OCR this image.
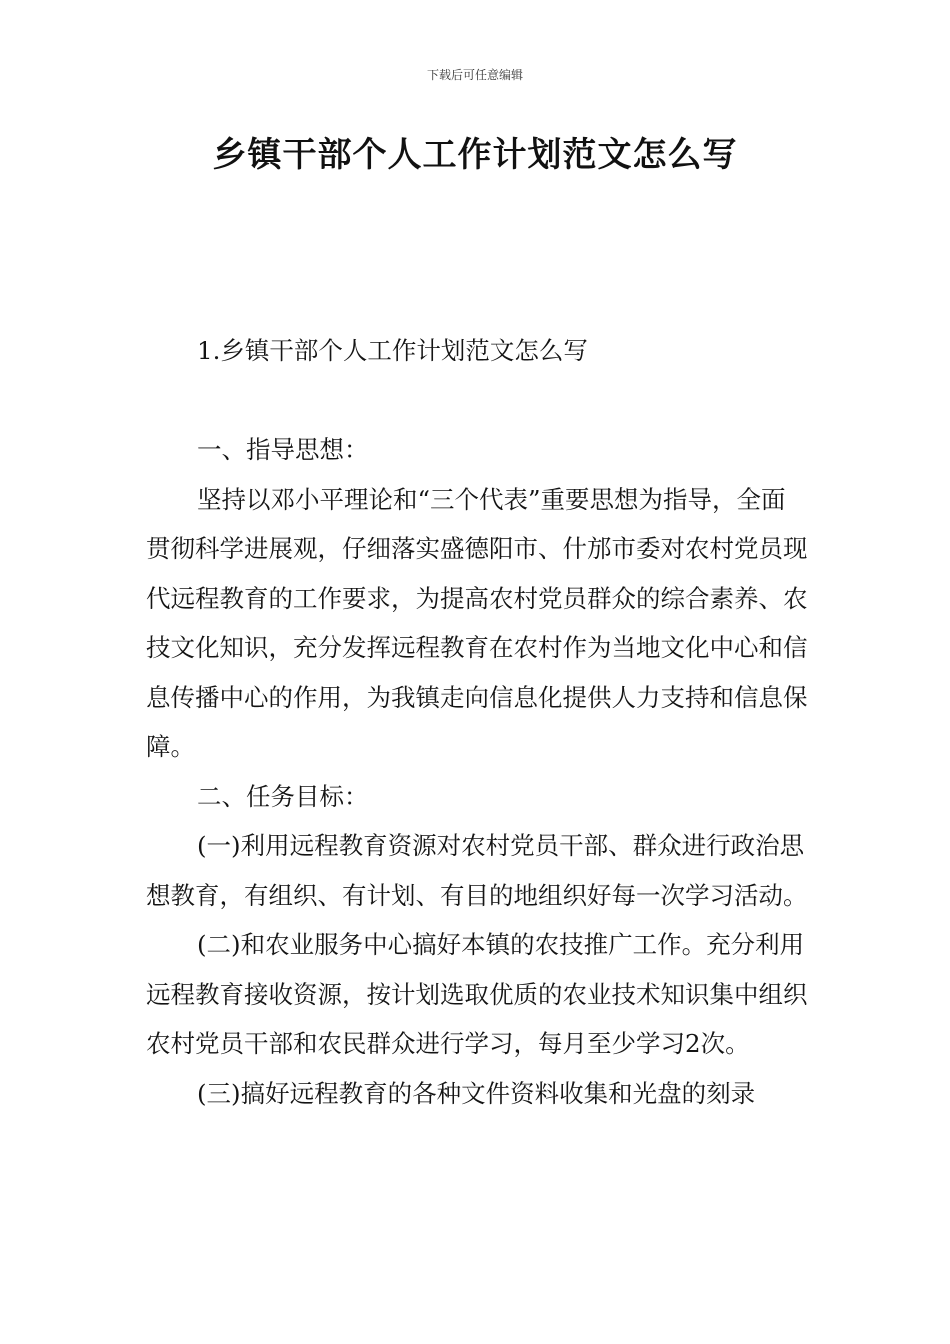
下载后可任意编辑
乡镇干部个人工作计划范文怎么写

1.乡镇干部个人工作计划范文怎么写

一、指导思想：

坚持以邓小平理论和“三个代表”重要思想为指导，全面贯彻科学进展观，仔细落实盛德阳市、什邡市委对农村党员现代远程教育的工作要求，为提高农村党员群众的综合素养、农技文化知识，充分发挥远程教育在农村作为当地文化中心和信息传播中心的作用，为我镇走向信息化提供人力支持和信息保障。

二、任务目标：

(一)利用远程教育资源对农村党员干部、群众进行政治思想教育，有组织、有计划、有目的地组织好每一次学习活动。

(二)和农业服务中心搞好本镇的农技推广工作。充分利用远程教育接收资源，按计划选取优质的农业技术知识集中组织农村党员干部和农民群众进行学习，每月至少学习2次。

(三)搞好远程教育的各种文件资料收集和光盘的刻录
